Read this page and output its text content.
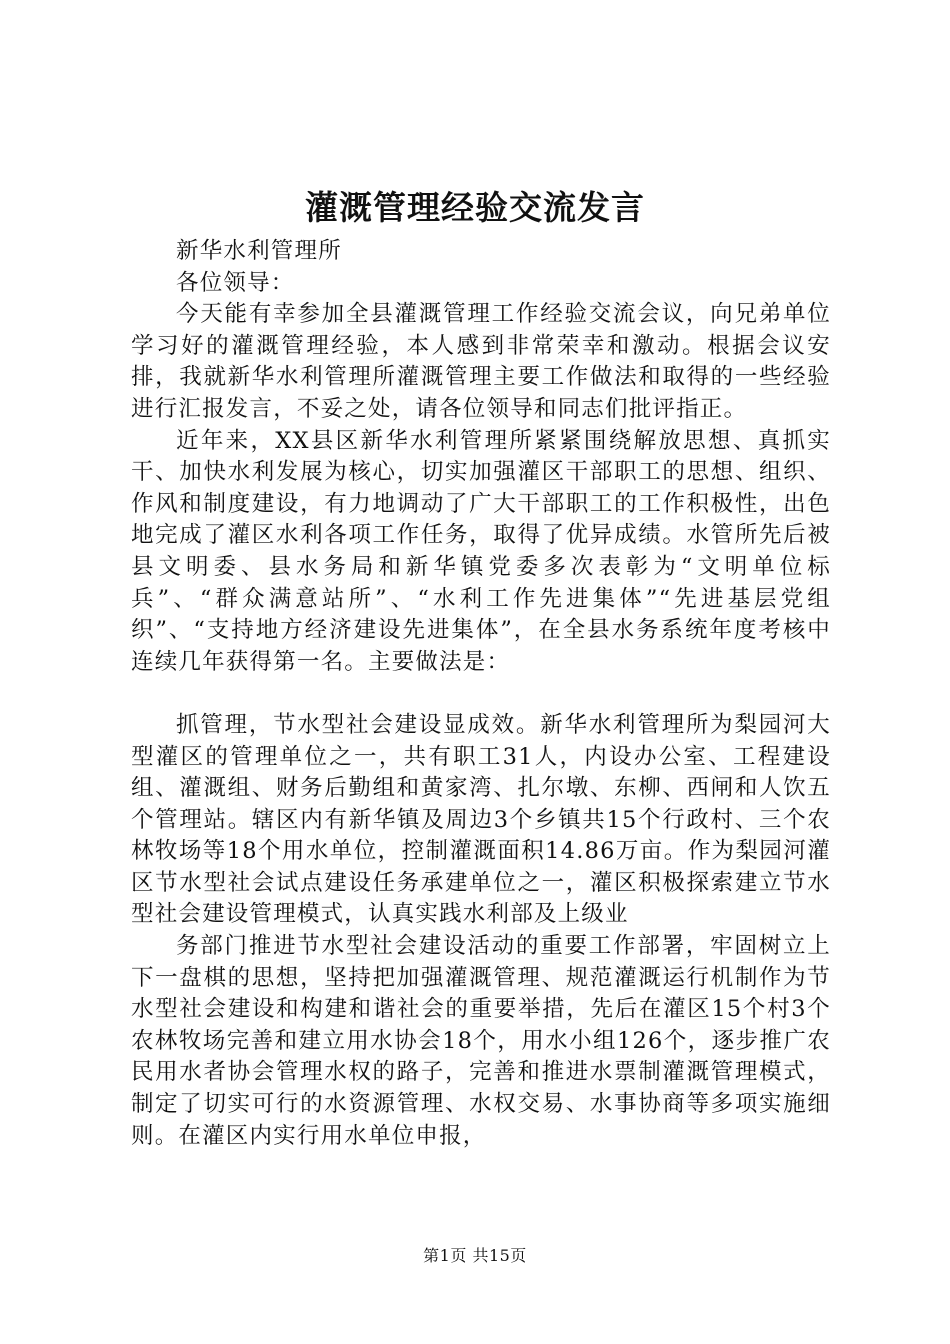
灌溉管理经验交流发言

新华水利管理所

各位领导：

今天能有幸参加全县灌溉管理工作经验交流会议，向兄弟单位学习好的灌溉管理经验，本人感到非常荣幸和激动。根据会议安排，我就新华水利管理所灌溉管理主要工作做法和取得的一些经验进行汇报发言，不妥之处，请各位领导和同志们批评指正。

近年来，XX县区新华水利管理所紧紧围绕解放思想、真抓实干、加快水利发展为核心，切实加强灌区干部职工的思想、组织、作风和制度建设，有力地调动了广大干部职工的工作积极性，出色地完成了灌区水利各项工作任务，取得了优异成绩。水管所先后被县文明委、县水务局和新华镇党委多次表彰为“文明单位标兵”、“群众满意站所”、“水利工作先进集体”“先进基层党组织”、“支持地方经济建设先进集体”，在全县水务系统年度考核中连续几年获得第一名。主要做法是：

抓管理，节水型社会建设显成效。新华水利管理所为梨园河大型灌区的管理单位之一，共有职工31人，内设办公室、工程建设组、灌溉组、财务后勤组和黄家湾、扎尔墩、东柳、西闸和人饮五个管理站。辖区内有新华镇及周边3个乡镇共15个行政村、三个农林牧场等18个用水单位，控制灌溉面积14.86万亩。作为梨园河灌区节水型社会试点建设任务承建单位之一，灌区积极探索建立节水型社会建设管理模式，认真实践水利部及上级业

务部门推进节水型社会建设活动的重要工作部署，牢固树立上下一盘棋的思想，坚持把加强灌溉管理、规范灌溉运行机制作为节水型社会建设和构建和谐社会的重要举措，先后在灌区15个村3个农林牧场完善和建立用水协会18个，用水小组126个，逐步推广农民用水者协会管理水权的路子，完善和推进水票制灌溉管理模式，制定了切实可行的水资源管理、水权交易、水事协商等多项实施细则。在灌区内实行用水单位申报，

第1页 共15页
